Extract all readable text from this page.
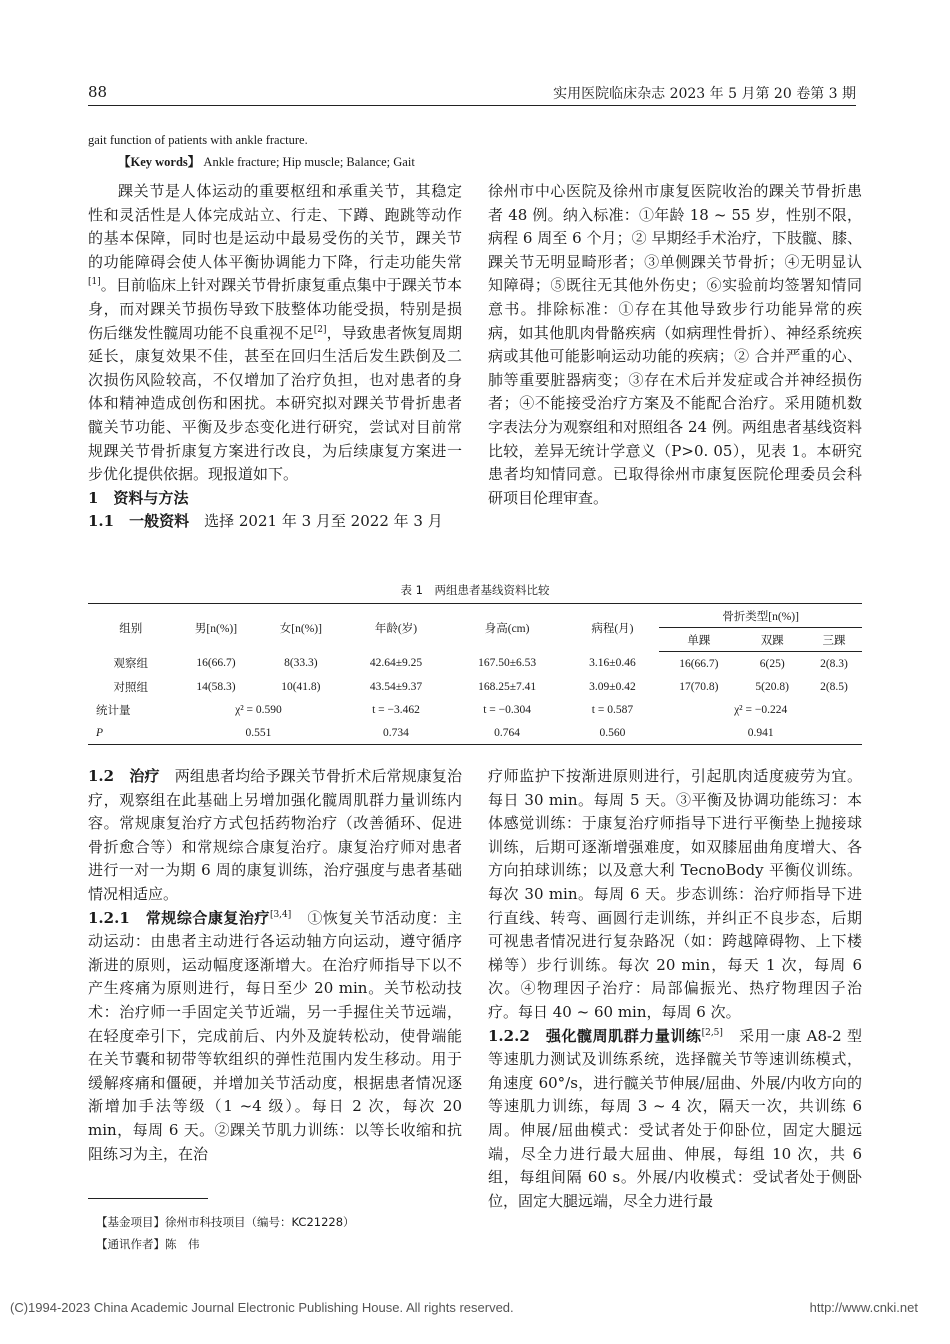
88	实用医院临床杂志 2023 年 5 月第 20 卷第 3 期
gait function of patients with ankle fracture.
【Key words】 Ankle fracture; Hip muscle; Balance; Gait

踝关节是人体运动的重要枢纽和承重关节，其稳定性和灵活性是人体完成站立、行走、下蹲、跑跳等动作的基本保障，同时也是运动中最易受伤的关节，踝关节的功能障碍会使人体平衡协调能力下降，行走功能失常[1]。目前临床上针对踝关节骨折康复重点集中于踝关节本身，而对踝关节损伤导致下肢整体功能受损，特别是损伤后继发性髋周功能不良重视不足[2]，导致患者恢复周期延长，康复效果不佳，甚至在回归生活后发生跌倒及二次损伤风险较高，不仅增加了治疗负担，也对患者的身体和精神造成创伤和困扰。本研究拟对踝关节骨折患者髋关节功能、平衡及步态变化进行研究，尝试对目前常规踝关节骨折康复方案进行改良，为后续康复方案进一步优化提供依据。现报道如下。

1　资料与方法

1.1　一般资料　 选择 2021 年 3 月至 2022 年 3 月

徐州市中心医院及徐州市康复医院收治的踝关节骨折患者 48 例。纳入标准：①年龄 18 ~ 55 岁，性别不限，病程 6 周至 6 个月；② 早期经手术治疗，下肢髋、膝、踝关节无明显畸形者；③单侧踝关节骨折；④无明显认知障碍；⑤既往无其他外伤史；⑥实验前均签署知情同意书。排除标准：①存在其他导致步行功能异常的疾病，如其他肌肉骨骼疾病（如病理性骨折）、神经系统疾病或其他可能影响运动功能的疾病；② 合并严重的心、肺等重要脏器病变；③存在术后并发症或合并神经损伤者；④不能接受治疗方案及不能配合治疗。采用随机数字表法分为观察组和对照组各 24 例。两组患者基线资料比较，差异无统计学意义（P>0. 05），见表 1。本研究患者均知情同意。已取得徐州市康复医院伦理委员会科研项目伦理审查。

表 1　两组患者基线资料比较
组别	男[n(%)]	女[n(%)]	年龄(岁)	身高(cm)	病程(月)	骨折类型[n(%)]		
						单踝	双踝	三踝
观察组	16(66.7)	8(33.3)	42.64±9.25	167.50±6.53	3.16±0.46	16(66.7)	6(25)	2(8.3)
对照组	14(58.3)	10(41.8)	43.54±9.37	168.25±7.41	3.09±0.42	17(70.8)	5(20.8)	2(8.5)
统计量	χ² = 0.590		t = −3.462	t = −0.304	t = 0.587	χ² = −0.224		
P	0.551		0.734	0.764	0.560	0.941		

1.2　治疗　 两组患者均给予踝关节骨折术后常规康复治疗，观察组在此基础上另增加强化髋周肌群力量训练内容。常规康复治疗方式包括药物治疗（改善循环、促进骨折愈合等）和常规综合康复治疗。康复治疗师对患者进行一对一为期 6 周的康复训练，治疗强度与患者基础情况相适应。

1.2.1　常规综合康复治疗[3,4]　 ①恢复关节活动度：主动运动：由患者主动进行各运动轴方向运动，遵守循序渐进的原则，运动幅度逐渐增大。在治疗师指导下以不产生疼痛为原则进行，每日至少 20 min。关节松动技术：治疗师一手固定关节近端，另一手握住关节远端，在轻度牵引下，完成前后、内外及旋转松动，使骨端能在关节囊和韧带等软组织的弹性范围内发生移动。用于缓解疼痛和僵硬，并增加关节活动度，根据患者情况逐渐增加手法等级（1 ~4 级）。每日 2 次，每次 20 min，每周 6 天。②踝关节肌力训练：以等长收缩和抗阻练习为主，在治

疗师监护下按渐进原则进行，引起肌肉适度疲劳为宜。每日 30 min。每周 5 天。③平衡及协调功能练习：本体感觉训练：于康复治疗师指导下进行平衡垫上抛接球训练，后期可逐渐增强难度，如双膝屈曲角度增大、各方向拍球训练；以及意大利 TecnoBody 平衡仪训练。每次 30 min。每周 6 天。步态训练：治疗师指导下进行直线、转弯、画圆行走训练，并纠正不良步态，后期可视患者情况进行复杂路况（如：跨越障碍物、上下楼梯等）步行训练。每次 20 min，每天 1 次，每周 6 次。④物理因子治疗：局部偏振光、热疗物理因子治疗。每日 40 ~ 60 min，每周 6 次。

1.2.2　强化髋周肌群力量训练[2,5]　 采用一康 A8-2 型等速肌力测试及训练系统，选择髋关节等速训练模式，角速度 60°/s，进行髋关节伸展/屈曲、外展/内收方向的等速肌力训练，每周 3 ~ 4 次，隔天一次，共训练 6 周。伸展/屈曲模式：受试者处于仰卧位，固定大腿远端，尽全力进行最大屈曲、伸展，每组 10 次，共 6 组，每组间隔 60 s。外展/内收模式：受试者处于侧卧位，固定大腿远端，尽全力进行最

【基金项目】徐州市科技项目（编号：KC21228）
【通讯作者】陈　伟
(C)1994-2023 China Academic Journal Electronic Publishing House. All rights reserved.	http://www.cnki.net
